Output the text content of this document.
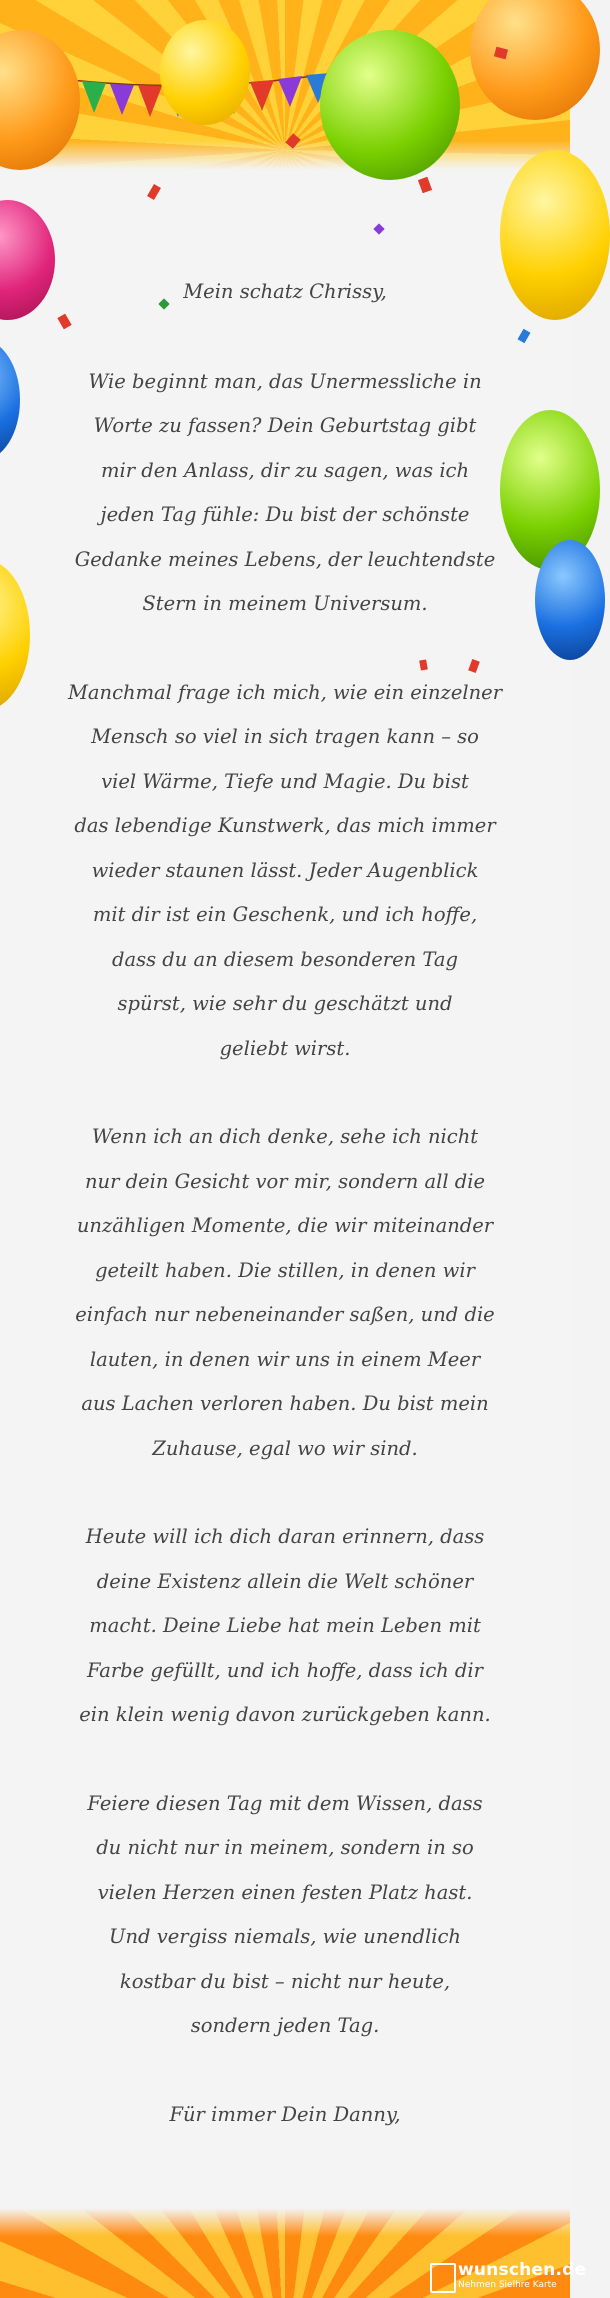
Mein schatz Chrissy,

Wie beginnt man, das Unermessliche in
Worte zu fassen? Dein Geburtstag gibt
mir den Anlass, dir zu sagen, was ich
jeden Tag fühle: Du bist der schönste
Gedanke meines Lebens, der leuchtendste
Stern in meinem Universum.

Manchmal frage ich mich, wie ein einzelner
Mensch so viel in sich tragen kann – so
viel Wärme, Tiefe und Magie. Du bist
das lebendige Kunstwerk, das mich immer
wieder staunen lässt. Jeder Augenblick
mit dir ist ein Geschenk, und ich hoffe,
dass du an diesem besonderen Tag
spürst, wie sehr du geschätzt und
geliebt wirst.

Wenn ich an dich denke, sehe ich nicht
nur dein Gesicht vor mir, sondern all die
unzähligen Momente, die wir miteinander
geteilt haben. Die stillen, in denen wir
einfach nur nebeneinander saßen, und die
lauten, in denen wir uns in einem Meer
aus Lachen verloren haben. Du bist mein
Zuhause, egal wo wir sind.

Heute will ich dich daran erinnern, dass
deine Existenz allein die Welt schöner
macht. Deine Liebe hat mein Leben mit
Farbe gefüllt, und ich hoffe, dass ich dir
ein klein wenig davon zurückgeben kann.

Feiere diesen Tag mit dem Wissen, dass
du nicht nur in meinem, sondern in so
vielen Herzen einen festen Platz hast.
Und vergiss niemals, wie unendlich
kostbar du bist – nicht nur heute,
sondern jeden Tag.

Für immer Dein Danny,

wunschen.de
Nehmen Sielhre Karte
